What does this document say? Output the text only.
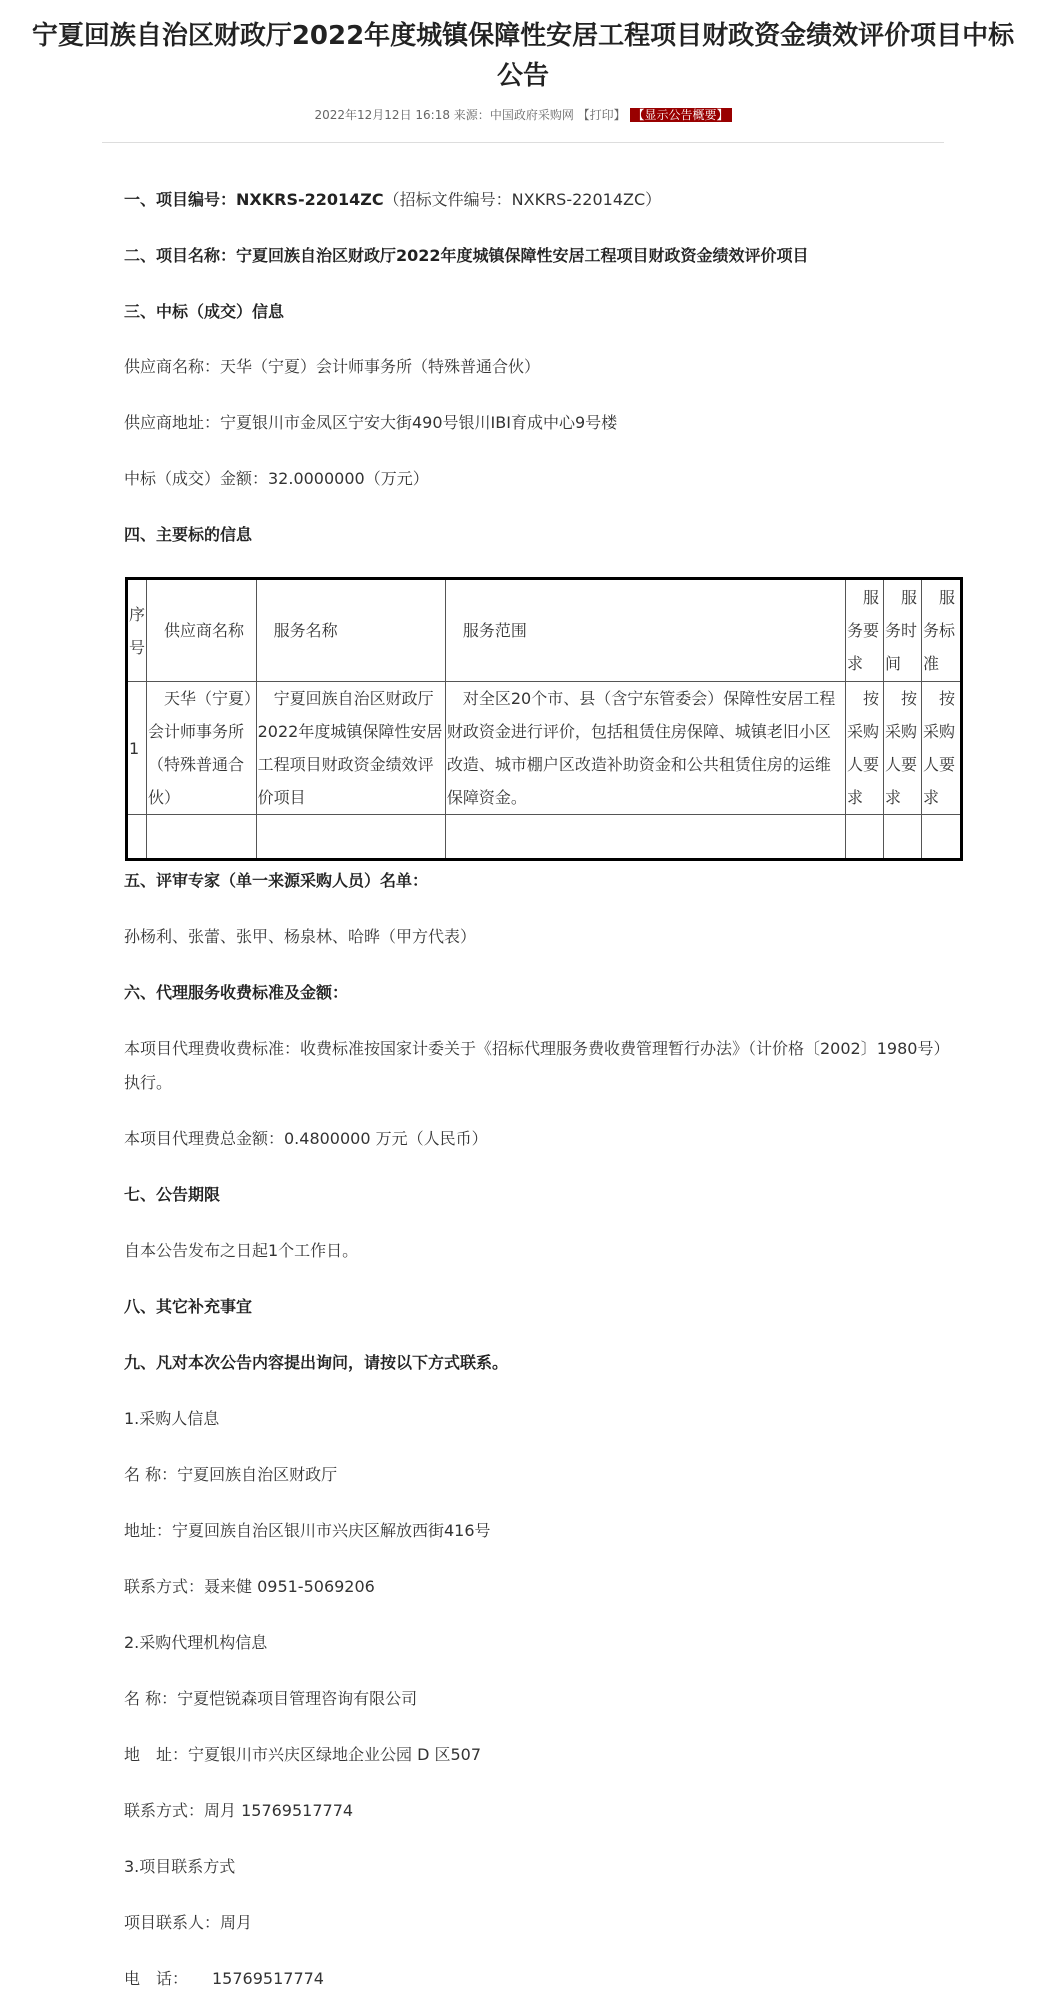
宁夏回族自治区财政厅2022年度城镇保障性安居工程项目财政资金绩效评价项目中标公告
2022年12月12日 16:18 来源：中国政府采购网 【打印】 【显示公告概要】

一、项目编号：NXKRS-22014ZC（招标文件编号：NXKRS-22014ZC）

二、项目名称：宁夏回族自治区财政厅2022年度城镇保障性安居工程项目财政资金绩效评价项目

三、中标（成交）信息

供应商名称：天华（宁夏）会计师事务所（特殊普通合伙）

供应商地址：宁夏银川市金凤区宁安大街490号银川IBI育成中心9号楼

中标（成交）金额：32.0000000（万元）

四、主要标的信息

序号	供应商名称	服务名称	服务范围	服务要求	服务时间	服务标准
1	天华（宁夏）会计师事务所（特殊普通合伙）	宁夏回族自治区财政厅2022年度城镇保障性安居工程项目财政资金绩效评价项目	对全区20个市、县（含宁东管委会）保障性安居工程财政资金进行评价，包括租赁住房保障、城镇老旧小区改造、城市棚户区改造补助资金和公共租赁住房的运维保障资金。	按采购人要求	按采购人要求	按采购人要求

五、评审专家（单一来源采购人员）名单：

孙杨利、张蕾、张甲、杨泉林、哈晔（甲方代表）

六、代理服务收费标准及金额：

本项目代理费收费标准：收费标准按国家计委关于《招标代理服务费收费管理暂行办法》（计价格〔2002〕1980号）执行。

本项目代理费总金额：0.4800000 万元（人民币）

七、公告期限

自本公告发布之日起1个工作日。

八、其它补充事宜

九、凡对本次公告内容提出询问，请按以下方式联系。

1.采购人信息

名 称：宁夏回族自治区财政厅

地址：宁夏回族自治区银川市兴庆区解放西街416号

联系方式：聂来健 0951-5069206

2.采购代理机构信息

名 称：宁夏恺锐森项目管理咨询有限公司

地　址：宁夏银川市兴庆区绿地企业公园 D 区507

联系方式：周月 15769517774

3.项目联系方式

项目联系人：周月

电　话：　　15769517774
